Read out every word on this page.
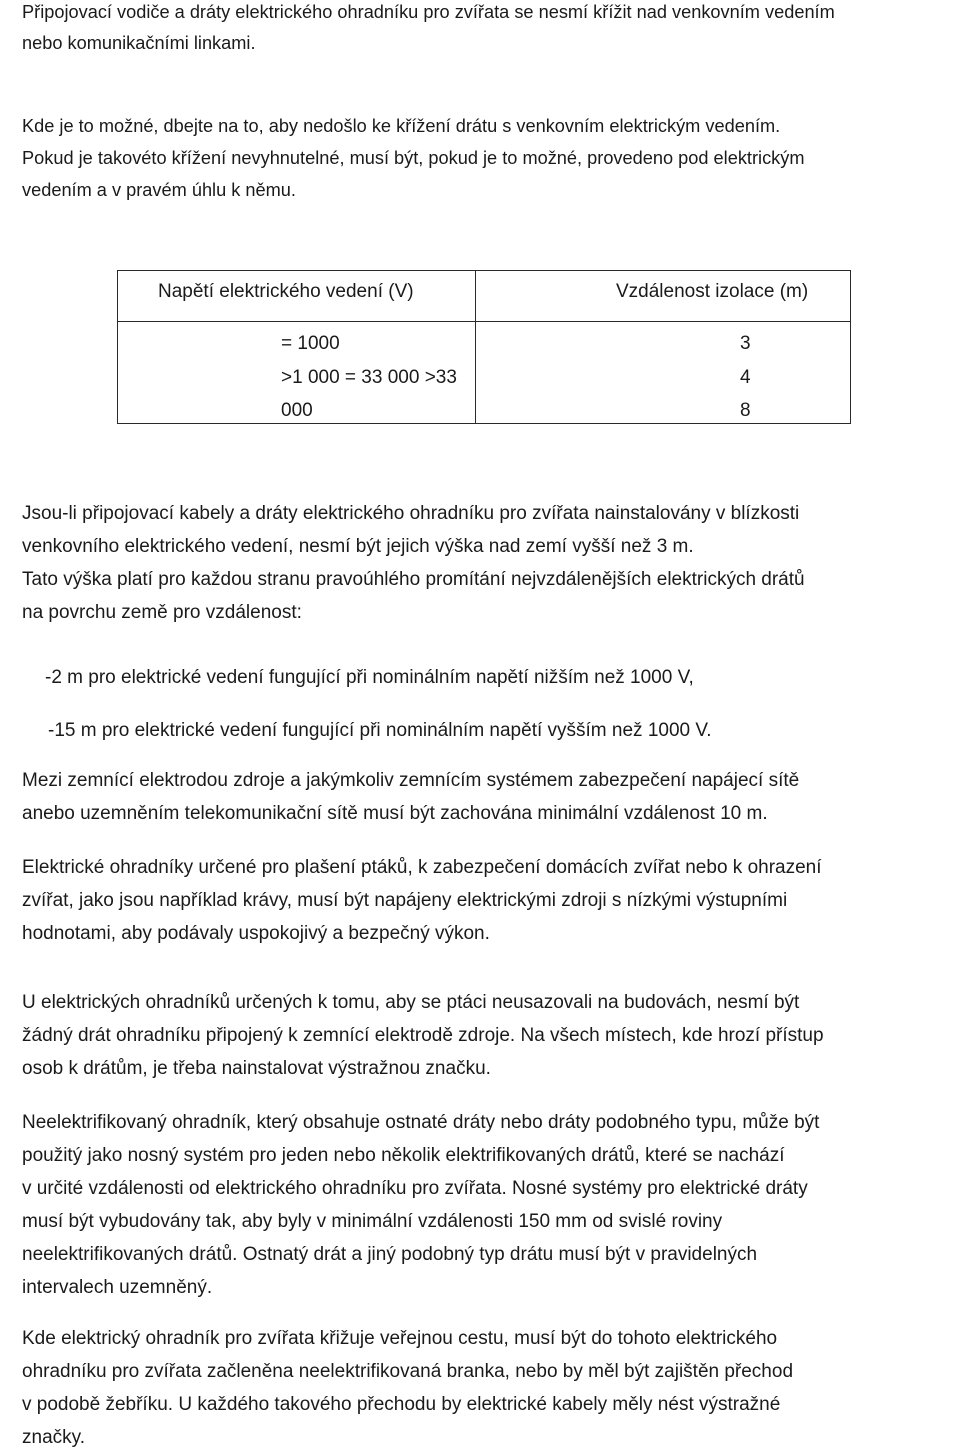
Připojovací vodiče a dráty elektrického ohradníku pro zvířata se nesmí křížit nad venkovním vedením
nebo komunikačními linkami.

Kde je to možné, dbejte na to, aby nedošlo ke křížení drátu s venkovním elektrickým vedením.
Pokud je takovéto křížení nevyhnutelné, musí být, pokud je to možné, provedeno pod elektrickým
vedením a v pravém úhlu k němu.

Napětí elektrického vedení (V)	Vzdálenost izolace (m)
= 1000
>1 000 = 33 000 >33
000
3
4
8

Jsou-li připojovací kabely a dráty elektrického ohradníku pro zvířata nainstalovány v blízkosti
venkovního elektrického vedení, nesmí být jejich výška nad zemí vyšší než 3 m.
Tato výška platí pro každou stranu pravoúhlého promítání nejvzdálenějších elektrických drátů
na povrchu země pro vzdálenost:

-2 m pro elektrické vedení fungující při nominálním napětí nižším než 1000 V,

-15 m pro elektrické vedení fungující při nominálním napětí vyšším než 1000 V.

Mezi zemnící elektrodou zdroje a jakýmkoliv zemnícím systémem zabezpečení napájecí sítě
anebo uzemněním telekomunikační sítě musí být zachována minimální vzdálenost 10 m.

Elektrické ohradníky určené pro plašení ptáků, k zabezpečení domácích zvířat nebo k ohrazení
zvířat, jako jsou například krávy, musí být napájeny elektrickými zdroji s nízkými výstupními
hodnotami, aby podávaly uspokojivý a bezpečný výkon.

U elektrických ohradníků určených k tomu, aby se ptáci neusazovali na budovách, nesmí být
žádný drát ohradníku připojený k zemnící elektrodě zdroje. Na všech místech, kde hrozí přístup
osob k drátům, je třeba nainstalovat výstražnou značku.

Neelektrifikovaný ohradník, který obsahuje ostnaté dráty nebo dráty podobného typu, může být
použitý jako nosný systém pro jeden nebo několik elektrifikovaných drátů, které se nachází
v určité vzdálenosti od elektrického ohradníku pro zvířata. Nosné systémy pro elektrické dráty
musí být vybudovány tak, aby byly v minimální vzdálenosti 150 mm od svislé roviny
neelektrifikovaných drátů. Ostnatý drát a jiný podobný typ drátu musí být v pravidelných
intervalech uzemněný.

Kde elektrický ohradník pro zvířata křižuje veřejnou cestu, musí být do tohoto elektrického
ohradníku pro zvířata začleněna neelektrifikovaná branka, nebo by měl být zajištěn přechod
v podobě žebříku. U každého takového přechodu by elektrické kabely měly nést výstražné
značky.
